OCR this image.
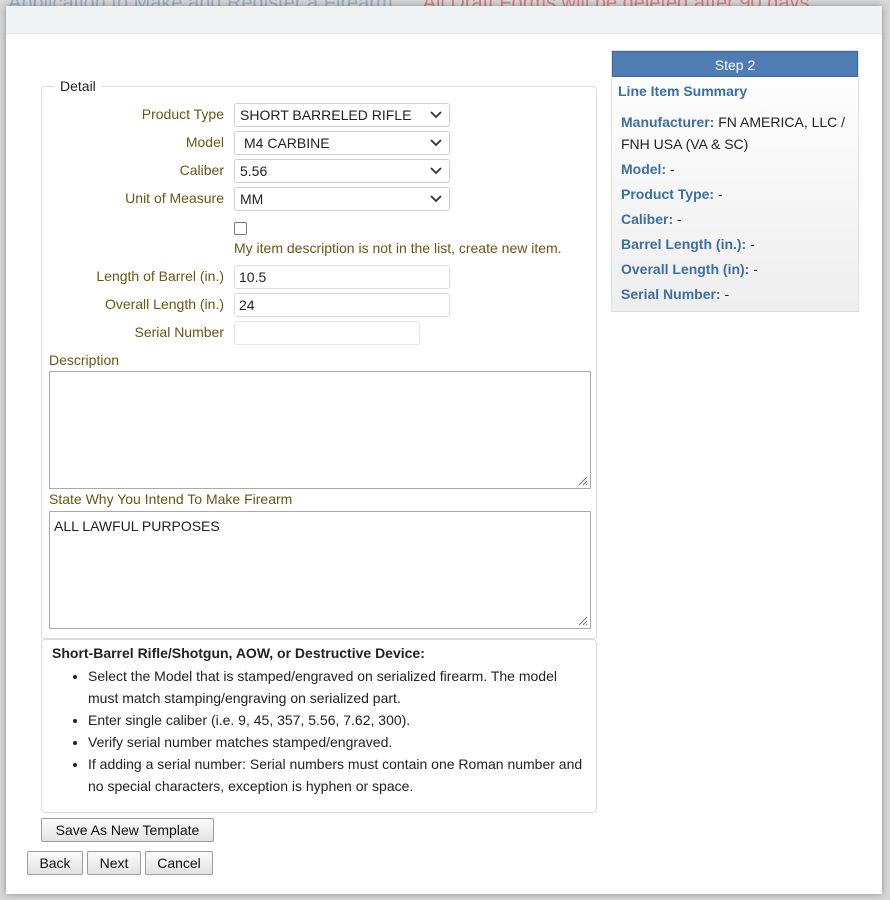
Detail
Product Type	SHORT BARRELED RIFLE
Model	M4 CARBINE
Caliber	5.56
Unit of Measure	MM
My item description is not in the list, create new item.
Length of Barrel (in.)	10.5
Overall Length (in.)	24
Serial Number
Description
State Why You Intend To Make Firearm
ALL LAWFUL PURPOSES

Short-Barrel Rifle/Shotgun, AOW, or Destructive Device:

• Select the Model that is stamped/engraved on serialized firearm. The model must match stamping/engraving on serialized part.
• Enter single caliber (i.e. 9, 45, 357, 5.56, 7.62, 300).
• Verify serial number matches stamped/engraved.
• If adding a serial number: Serial numbers must contain one Roman number and no special characters, exception is hyphen or space.
Save As New Template
Back	Next	Cancel
Step 2
Line Item Summary
Manufacturer: FN AMERICA, LLC / FNH USA (VA & SC)
Model: -
Product Type: -
Caliber: -
Barrel Length (in.): -
Overall Length (in): -
Serial Number: -
